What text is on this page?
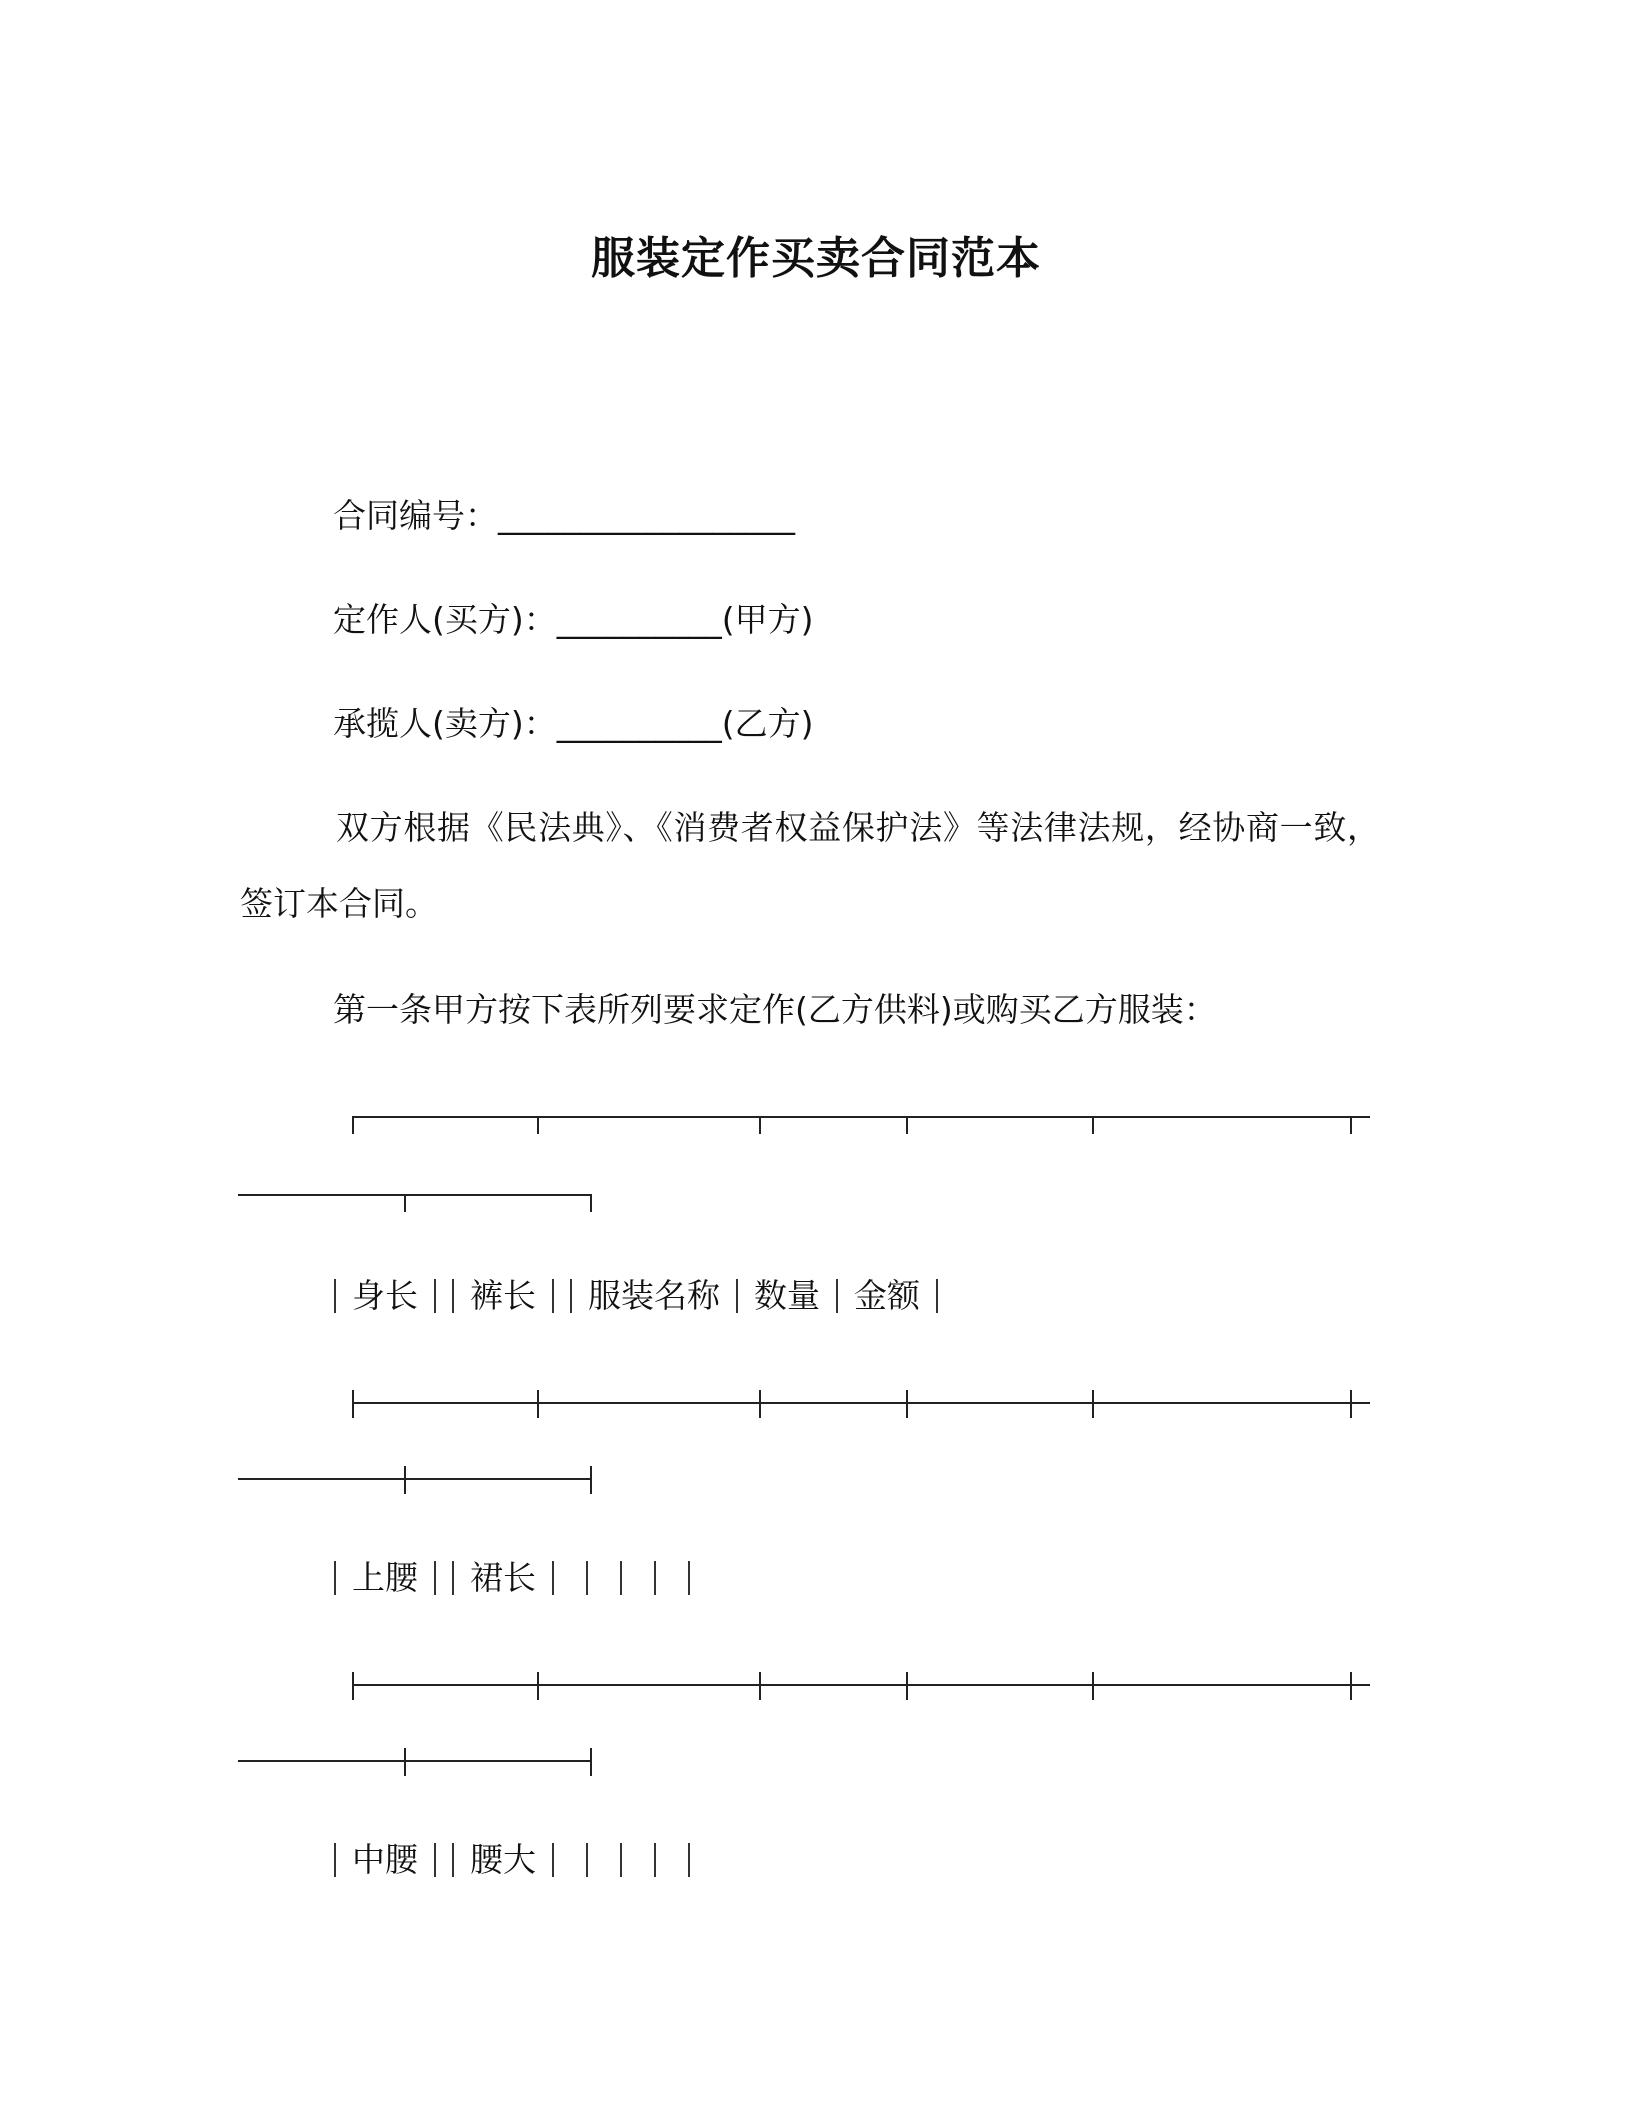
服装定作买卖合同范本
合同编号：__________________
定作人(买方)：__________(甲方)
承揽人(卖方)：__________(乙方)
双方根据《民法典》、《消费者权益保护法》等法律法规，经协商一致，签订本合同。
第一条甲方按下表所列要求定作(乙方供料)或购买乙方服装：
身长 裤长 服装名称 数量 金额
上腰 裙长
中腰 腰大
